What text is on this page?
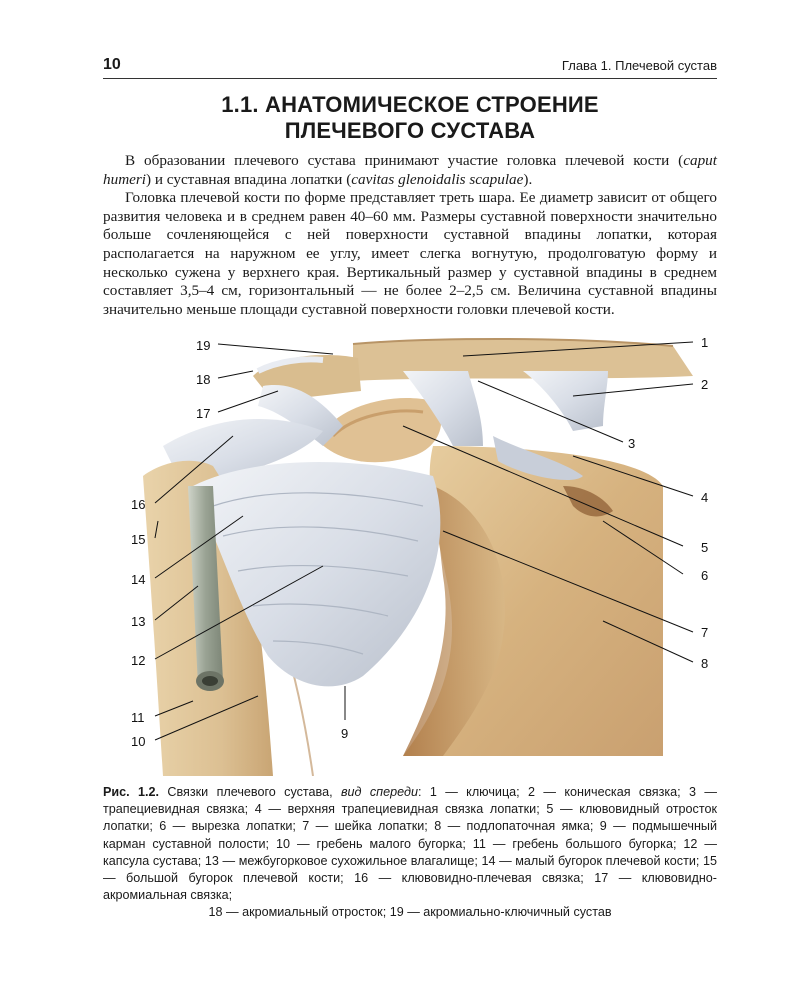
10	Глава 1. Плечевой сустав
1.1. АНАТОМИЧЕСКОЕ СТРОЕНИЕ
ПЛЕЧЕВОГО СУСТАВА

В образовании плечевого сустава принимают участие головка плечевой кости (caput humeri) и суставная впадина лопатки (cavitas glenoidalis scapulae).

Головка плечевой кости по форме представляет треть шара. Ее диаметр зависит от общего развития человека и в среднем равен 40–60 мм. Размеры суставной поверхности значительно больше сочленяющейся с ней поверхности суставной впадины лопатки, которая располагается на наружном ее углу, имеет слегка вогнутую, продолговатую форму и несколько сужена у верхнего края. Вертикальный размер у суставной впадины в среднем составляет 3,5–4 см, горизонтальный — не более 2–2,5 см. Величина суставной впадины значительно меньше площади суставной поверхности головки плечевой кости.

1
2
3
4
5
6
7
8
9
10
11
12
13
14
15
16
17
18
19
Рис. 1.2. Связки плечевого сустава, вид спереди: 1 — ключица; 2 — коническая связка; 3 — трапециевидная связка; 4 — верхняя трапециевидная связка лопатки; 5 — клювовидный отросток лопатки; 6 — вырезка лопатки; 7 — шейка лопатки; 8 — подлопаточная ямка; 9 — подмышечный карман суставной полости; 10 — гребень малого бугорка; 11 — гребень большого бугорка; 12 — капсула сустава; 13 — межбугорковое сухожильное влагалище; 14 — малый бугорок плечевой кости; 15 — большой бугорок плечевой кости; 16 — клювовидно-плечевая связка; 17 — клювовидно-акромиальная связка;
18 — акромиальный отросток; 19 — акромиально-ключичный сустав
